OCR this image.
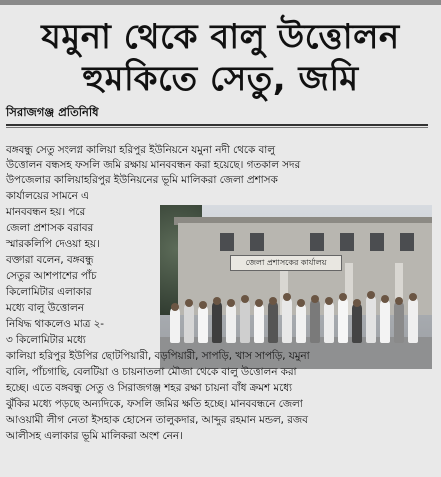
যমুনা থেকে বালু উত্তোলন
হুমকিতে সেতু, জমি
সিরাজগঞ্জ প্রতিনিধি
বঙ্গবন্ধু সেতু সংলগ্ন কালিয়া হরিপুর ইউনিয়নে যমুনা নদী থেকে বালু
উত্তোলন বন্ধসহ ফসলি জমি রক্ষায় মানববন্ধন করা হয়েছে। গতকাল সদর
উপজেলার কালিয়াহরিপুর ইউনিয়নের ভূমি মালিকরা জেলা প্রশাসক
কার্যালয়ের সামনে এ
মানববন্ধন হয়। পরে
জেলা প্রশাসক বরাবর
স্মারকলিপি দেওয়া হয়।
বক্তারা বলেন, বঙ্গবন্ধু
সেতুর আশপাশের পাঁচ
কিলোমিটার এলাকার
মধ্যে বালু উত্তোলন
নিষিদ্ধ থাকলেও মাত্র ২-
৩ কিলোমিটার মধ্যে
জেলা প্রশাসকের কার্যালয়
কালিয়া হরিপুর ইউপির ছোটপিয়ারী, বড়পিয়ারী, সাপড়ি, খাস সাপড়ি, যমুনা
বালি, পাঁচগাছি, বেলটিয়া ও চায়নাতলা মৌজা থেকে বালু উত্তোলন করা
হচ্ছে। এতে বঙ্গবন্ধু সেতু ও সিরাজগঞ্জ শহর রক্ষা চায়না বাঁধ ক্রমশ মধ্যে
ঝুঁকির মধ্যে পড়ছে অন্যদিকে, ফসলি জমির ক্ষতি হচ্ছে। মানববন্ধনে জেলা
আওয়ামী লীগ নেতা ইসহাক হোসেন তালুকদার, আব্দুর রহমান মন্ডল, রজব
আলীসহ এলাকার ভূমি মালিকরা অংশ নেন।
